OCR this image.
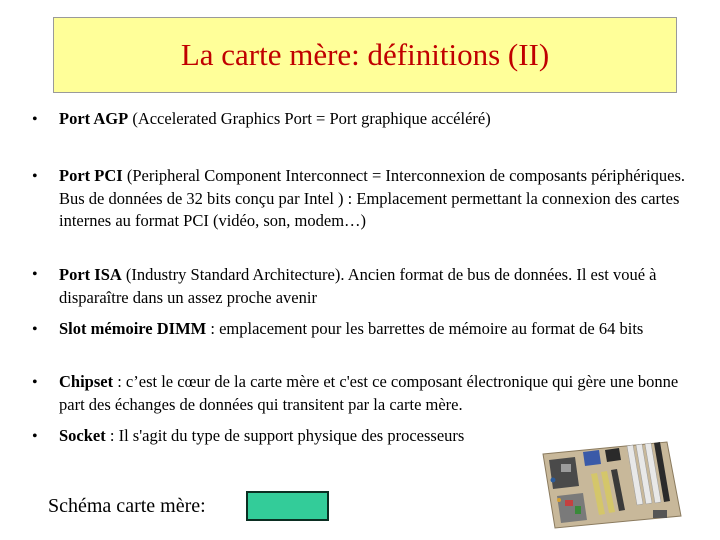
La carte mère: définitions (II)
• Port AGP (Accelerated Graphics Port = Port graphique accéléré)
• Port PCI (Peripheral Component Interconnect = Interconnexion de composants périphériques. Bus de données de 32 bits conçu par Intel ) : Emplacement permettant la connexion des cartes internes au format PCI (vidéo, son, modem…)
• Port ISA (Industry Standard Architecture). Ancien format de bus de données. Il est voué à disparaître dans un assez proche avenir
• Slot mémoire DIMM : emplacement pour les barrettes de mémoire au format de 64 bits
• Chipset : c’est le cœur de la carte mère et c'est ce composant électronique qui gère une bonne part des échanges de données qui transitent par la carte mère.
• Socket : Il s'agit du type de support physique des processeurs
Schéma carte mère:
